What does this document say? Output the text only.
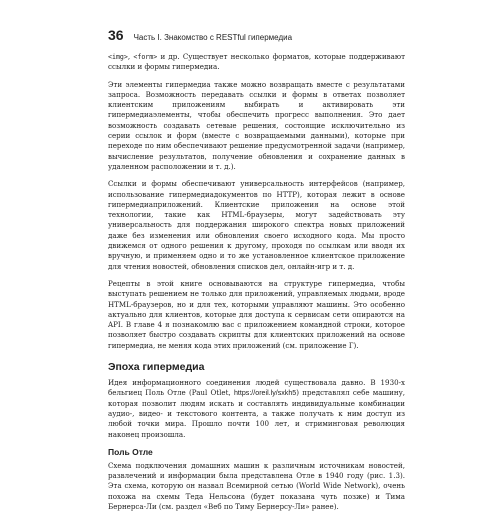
36 Часть I. Знакомство с RESTful гипермедиа

<img>, <form> и др. Существует несколько форматов, которые поддерживают ссылки и формы гипермедиа.

Эти элементы гипермедиа также можно возвращать вместе с результатами запроса. Возможность передавать ссылки и формы в ответах позволяет клиентским приложениям выбирать и активировать эти гипермедиаэлементы, чтобы обеспечить прогресс выполнения. Это дает возможность создавать сетевые решения, состоящие исключительно из серии ссылок и форм (вместе с возвращаемыми данными), которые при переходе по ним обеспечивают решение предусмотренной задачи (например, вычисление результатов, получение обновления и сохранение данных в удаленном расположении и т. д.).

Ссылки и формы обеспечивают универсальность интерфейсов (например, использование гипермедиадокументов по HTTP), которая лежит в основе гипермедиаприложений. Клиентские приложения на основе этой технологии, такие как HTML-браузеры, могут задействовать эту универсальность для поддержания широкого спектра новых приложений даже без изменения или обновления своего исходного кода. Мы просто движемся от одного решения к другому, проходя по ссылкам или вводя их вручную, и применяем одно и то же установленное клиентское приложение для чтения новостей, обновления списков дел, онлайн-игр и т. д.

Рецепты в этой книге основываются на структуре гипермедиа, чтобы выступать решением не только для приложений, управляемых людьми, вроде HTML-браузеров, но и для тех, которыми управляют машины. Это особенно актуально для клиентов, которые для доступа к сервисам сети опираются на API. В главе 4 я познакомлю вас с приложением командной строки, которое позволяет быстро создавать скрипты для клиентских приложений на основе гипермедиа, не меняя кода этих приложений (см. приложение Г).

Эпоха гипермедиа

Идея информационного соединения людей существовала давно. В 1930-х бельгиец Поль Отле (Paul Otlet, https://oreil.ly/sxkh5) представлял себе машину, которая позволит людям искать и составлять индивидуальные комбинации аудио-, видео- и текстового контента, а также получать к ним доступ из любой точки мира. Прошло почти 100 лет, и стриминговая революция наконец произошла.

Поль Отле

Схема подключения домашних машин к различным источникам новостей, развлечений и информации была представлена Отле в 1940 году (рис. 1.3). Эта схема, которую он назвал Всемирной сетью (World Wide Network), очень похожа на схемы Теда Нельсона (будет показана чуть позже) и Тима Бернерса-Ли (см. раздел «Веб по Тиму Бернерсу-Ли» ранее).
